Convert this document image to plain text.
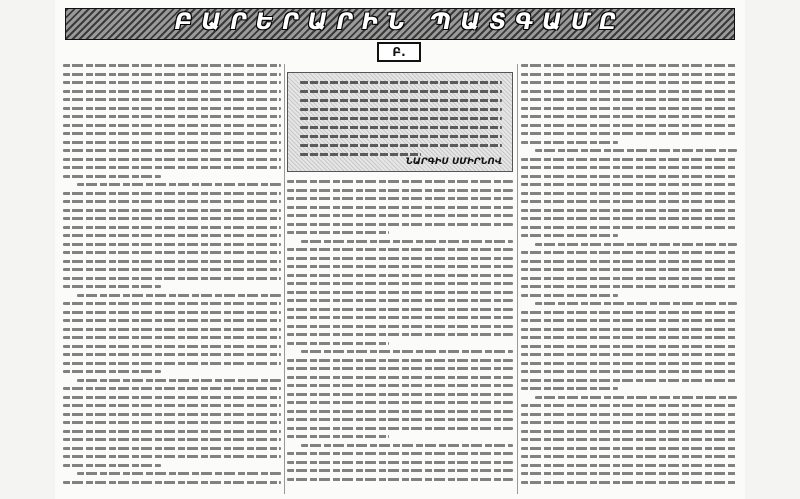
ԲԱՐԵՐԱՐԻՆ ՊԱՏԳԱՄԸ
Բ.
ՆԱՐԳԻՍ ՍՄԻՐՆՈՎ
